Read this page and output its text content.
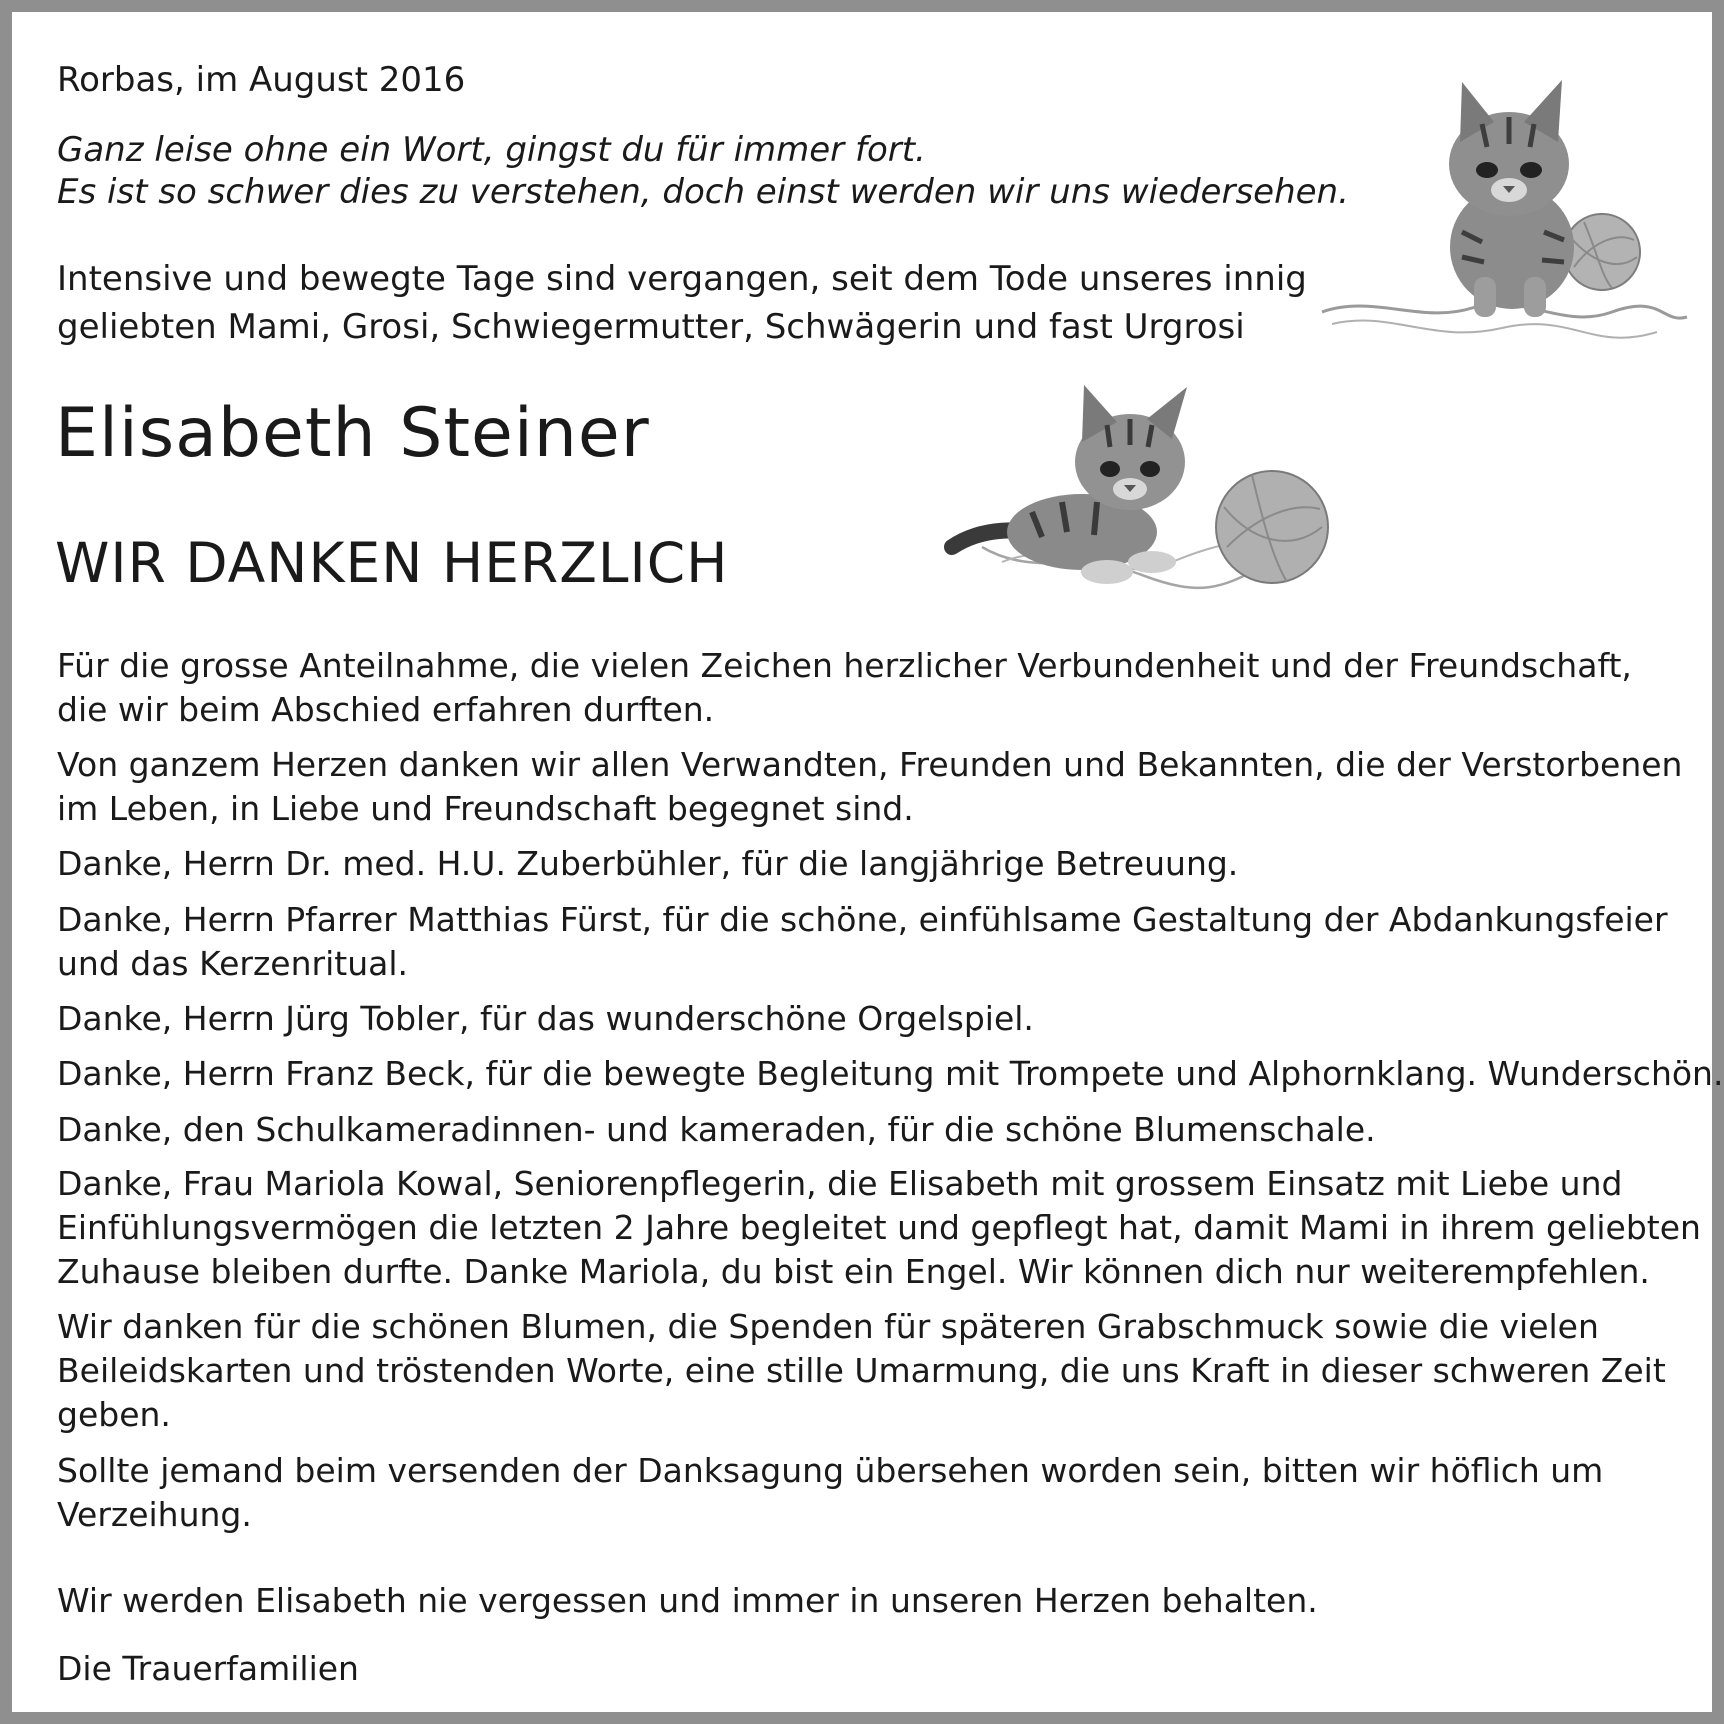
Rorbas, im August 2016

Ganz leise ohne ein Wort, gingst du für immer fort.

Es ist so schwer dies zu verstehen, doch einst werden wir uns wiedersehen.

Intensive und bewegte Tage sind vergangen, seit dem Tode unseres innig

geliebten Mami, Grosi, Schwiegermutter, Schwägerin und fast Urgrosi

Elisabeth Steiner
WIR DANKEN HERZLICH

Für die grosse Anteilnahme, die vielen Zeichen herzlicher Verbundenheit und der Freundschaft,

die wir beim Abschied erfahren durften.

Von ganzem Herzen danken wir allen Verwandten, Freunden und Bekannten, die der Verstorbenen

im Leben, in Liebe und Freundschaft begegnet sind.

Danke, Herrn Dr. med. H.U. Zuberbühler, für die langjährige Betreuung.

Danke, Herrn Pfarrer Matthias Fürst, für die schöne, einfühlsame Gestaltung der Abdankungsfeier

und das Kerzenritual.

Danke, Herrn Jürg Tobler, für das wunderschöne Orgelspiel.

Danke, Herrn Franz Beck, für die bewegte Begleitung mit Trompete und Alphornklang. Wunderschön.

Danke, den Schulkameradinnen- und kameraden, für die schöne Blumenschale.

Danke, Frau Mariola Kowal, Seniorenpflegerin, die Elisabeth mit grossem Einsatz mit Liebe und

Einfühlungsvermögen die letzten 2 Jahre begleitet und gepflegt hat, damit Mami in ihrem geliebten

Zuhause bleiben durfte. Danke Mariola, du bist ein Engel. Wir können dich nur weiterempfehlen.

Wir danken für die schönen Blumen, die Spenden für späteren Grabschmuck sowie die vielen

Beileidskarten und tröstenden Worte, eine stille Umarmung, die uns Kraft in dieser schweren Zeit

geben.

Sollte jemand beim versenden der Danksagung übersehen worden sein, bitten wir höflich um

Verzeihung.

Wir werden Elisabeth nie vergessen und immer in unseren Herzen behalten.

Die Trauerfamilien
